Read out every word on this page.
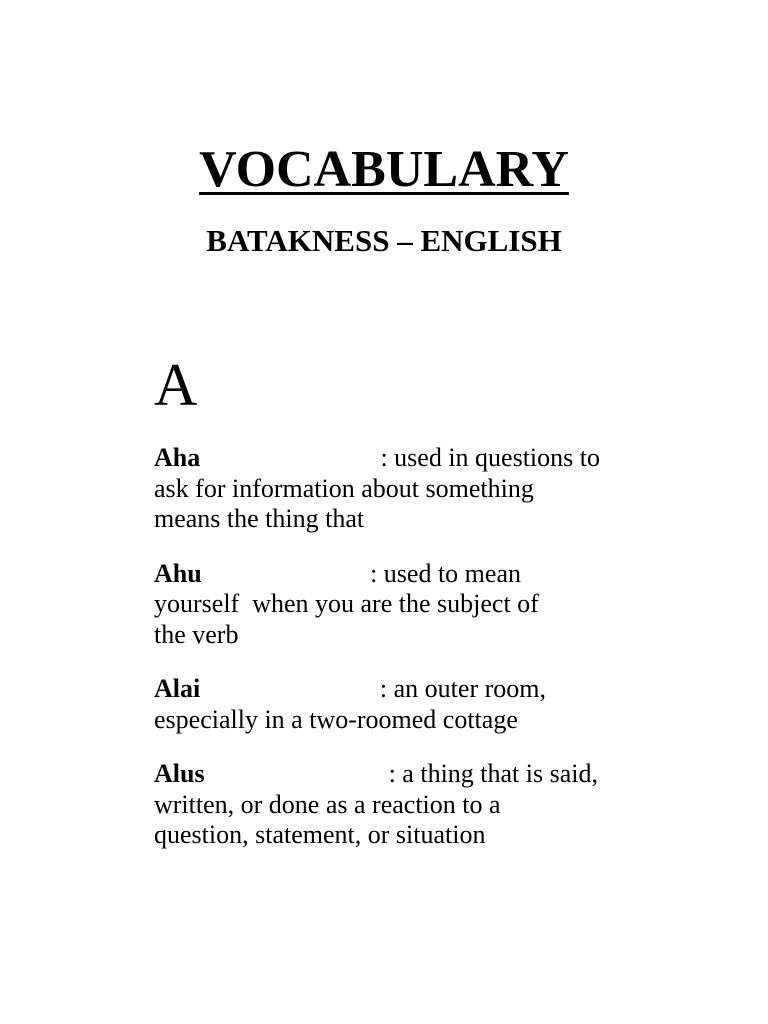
VOCABULARY
BATAKNESS – ENGLISH
A
Aha	: used in questions to
ask for information about something
means the thing that
Ahu	: used to mean
yourself  when you are the subject of
the verb
Alai	: an outer room,
especially in a two-roomed cottage
Alus	: a thing that is said,
written, or done as a reaction to a
question, statement, or situation
